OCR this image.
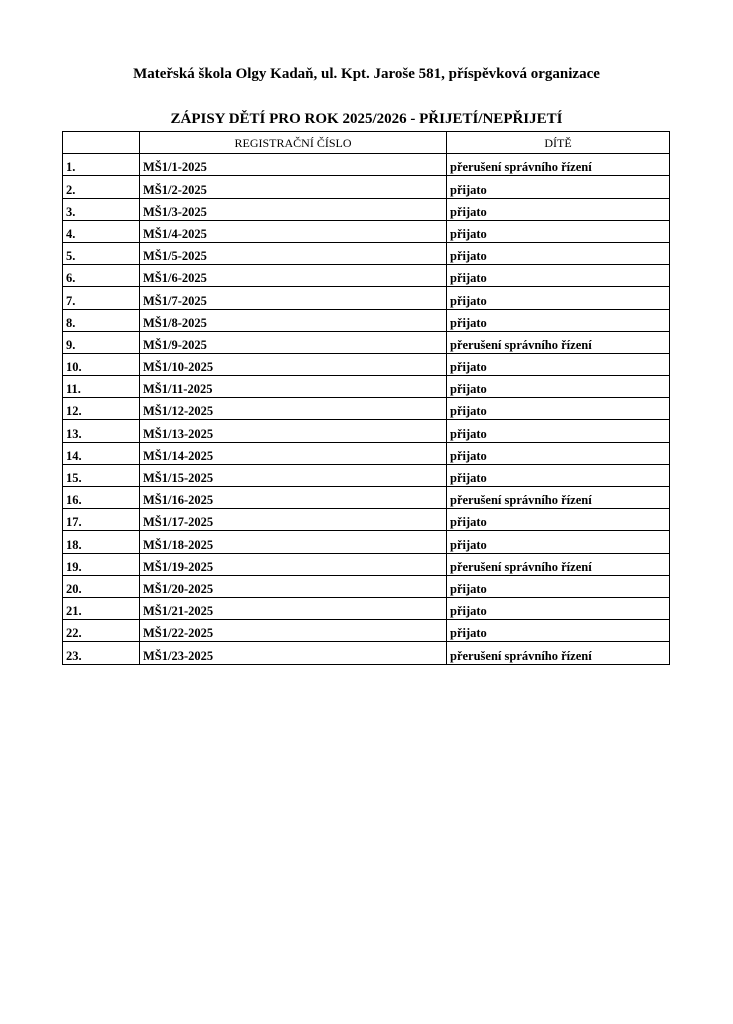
Mateřská škola Olgy Kadaň, ul. Kpt. Jaroše 581, příspěvková organizace
ZÁPISY DĚTÍ PRO ROK 2025/2026 - PŘIJETÍ/NEPŘIJETÍ
	REGISTRAČNÍ ČÍSLO	DÍTĚ
1.	MŠ1/1-2025	přerušení správního řízení
2.	MŠ1/2-2025	přijato
3.	MŠ1/3-2025	přijato
4.	MŠ1/4-2025	přijato
5.	MŠ1/5-2025	přijato
6.	MŠ1/6-2025	přijato
7.	MŠ1/7-2025	přijato
8.	MŠ1/8-2025	přijato
9.	MŠ1/9-2025	přerušení správního řízení
10.	MŠ1/10-2025	přijato
11.	MŠ1/11-2025	přijato
12.	MŠ1/12-2025	přijato
13.	MŠ1/13-2025	přijato
14.	MŠ1/14-2025	přijato
15.	MŠ1/15-2025	přijato
16.	MŠ1/16-2025	přerušení správního řízení
17.	MŠ1/17-2025	přijato
18.	MŠ1/18-2025	přijato
19.	MŠ1/19-2025	přerušení správního řízení
20.	MŠ1/20-2025	přijato
21.	MŠ1/21-2025	přijato
22.	MŠ1/22-2025	přijato
23.	MŠ1/23-2025	přerušení správního řízení
